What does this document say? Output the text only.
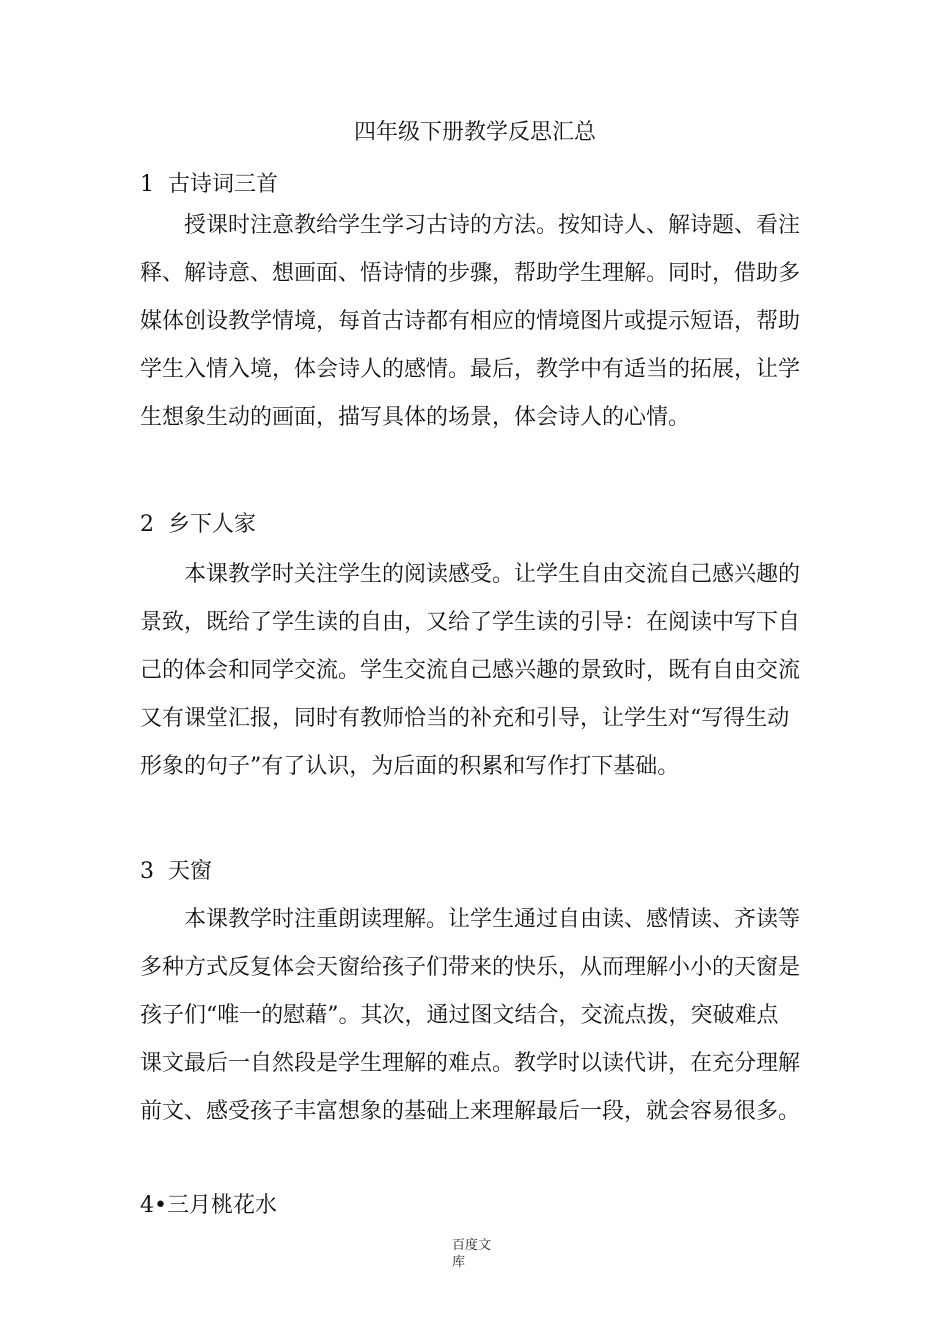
四年级下册教学反思汇总
1  古诗词三首
授课时注意教给学生学习古诗的方法。按知诗人、解诗题、看注
释、解诗意、想画面、悟诗情的步骤，帮助学生理解。同时，借助多
媒体创设教学情境，每首古诗都有相应的情境图片或提示短语，帮助
学生入情入境，体会诗人的感情。最后，教学中有适当的拓展，让学
生想象生动的画面，描写具体的场景，体会诗人的心情。
2  乡下人家
本课教学时关注学生的阅读感受。让学生自由交流自己感兴趣的
景致，既给了学生读的自由，又给了学生读的引导：在阅读中写下自
己的体会和同学交流。学生交流自己感兴趣的景致时，既有自由交流
又有课堂汇报，同时有教师恰当的补充和引导，让学生对“写得生动
形象的句子”有了认识，为后面的积累和写作打下基础。
3  天窗
本课教学时注重朗读理解。让学生通过自由读、感情读、齐读等
多种方式反复体会天窗给孩子们带来的快乐，从而理解小小的天窗是
孩子们“唯一的慰藉”。其次，通过图文结合，交流点拨，突破难点
课文最后一自然段是学生理解的难点。教学时以读代讲，在充分理解
前文、感受孩子丰富想象的基础上来理解最后一段，就会容易很多。
4•三月桃花水
百度文
库
